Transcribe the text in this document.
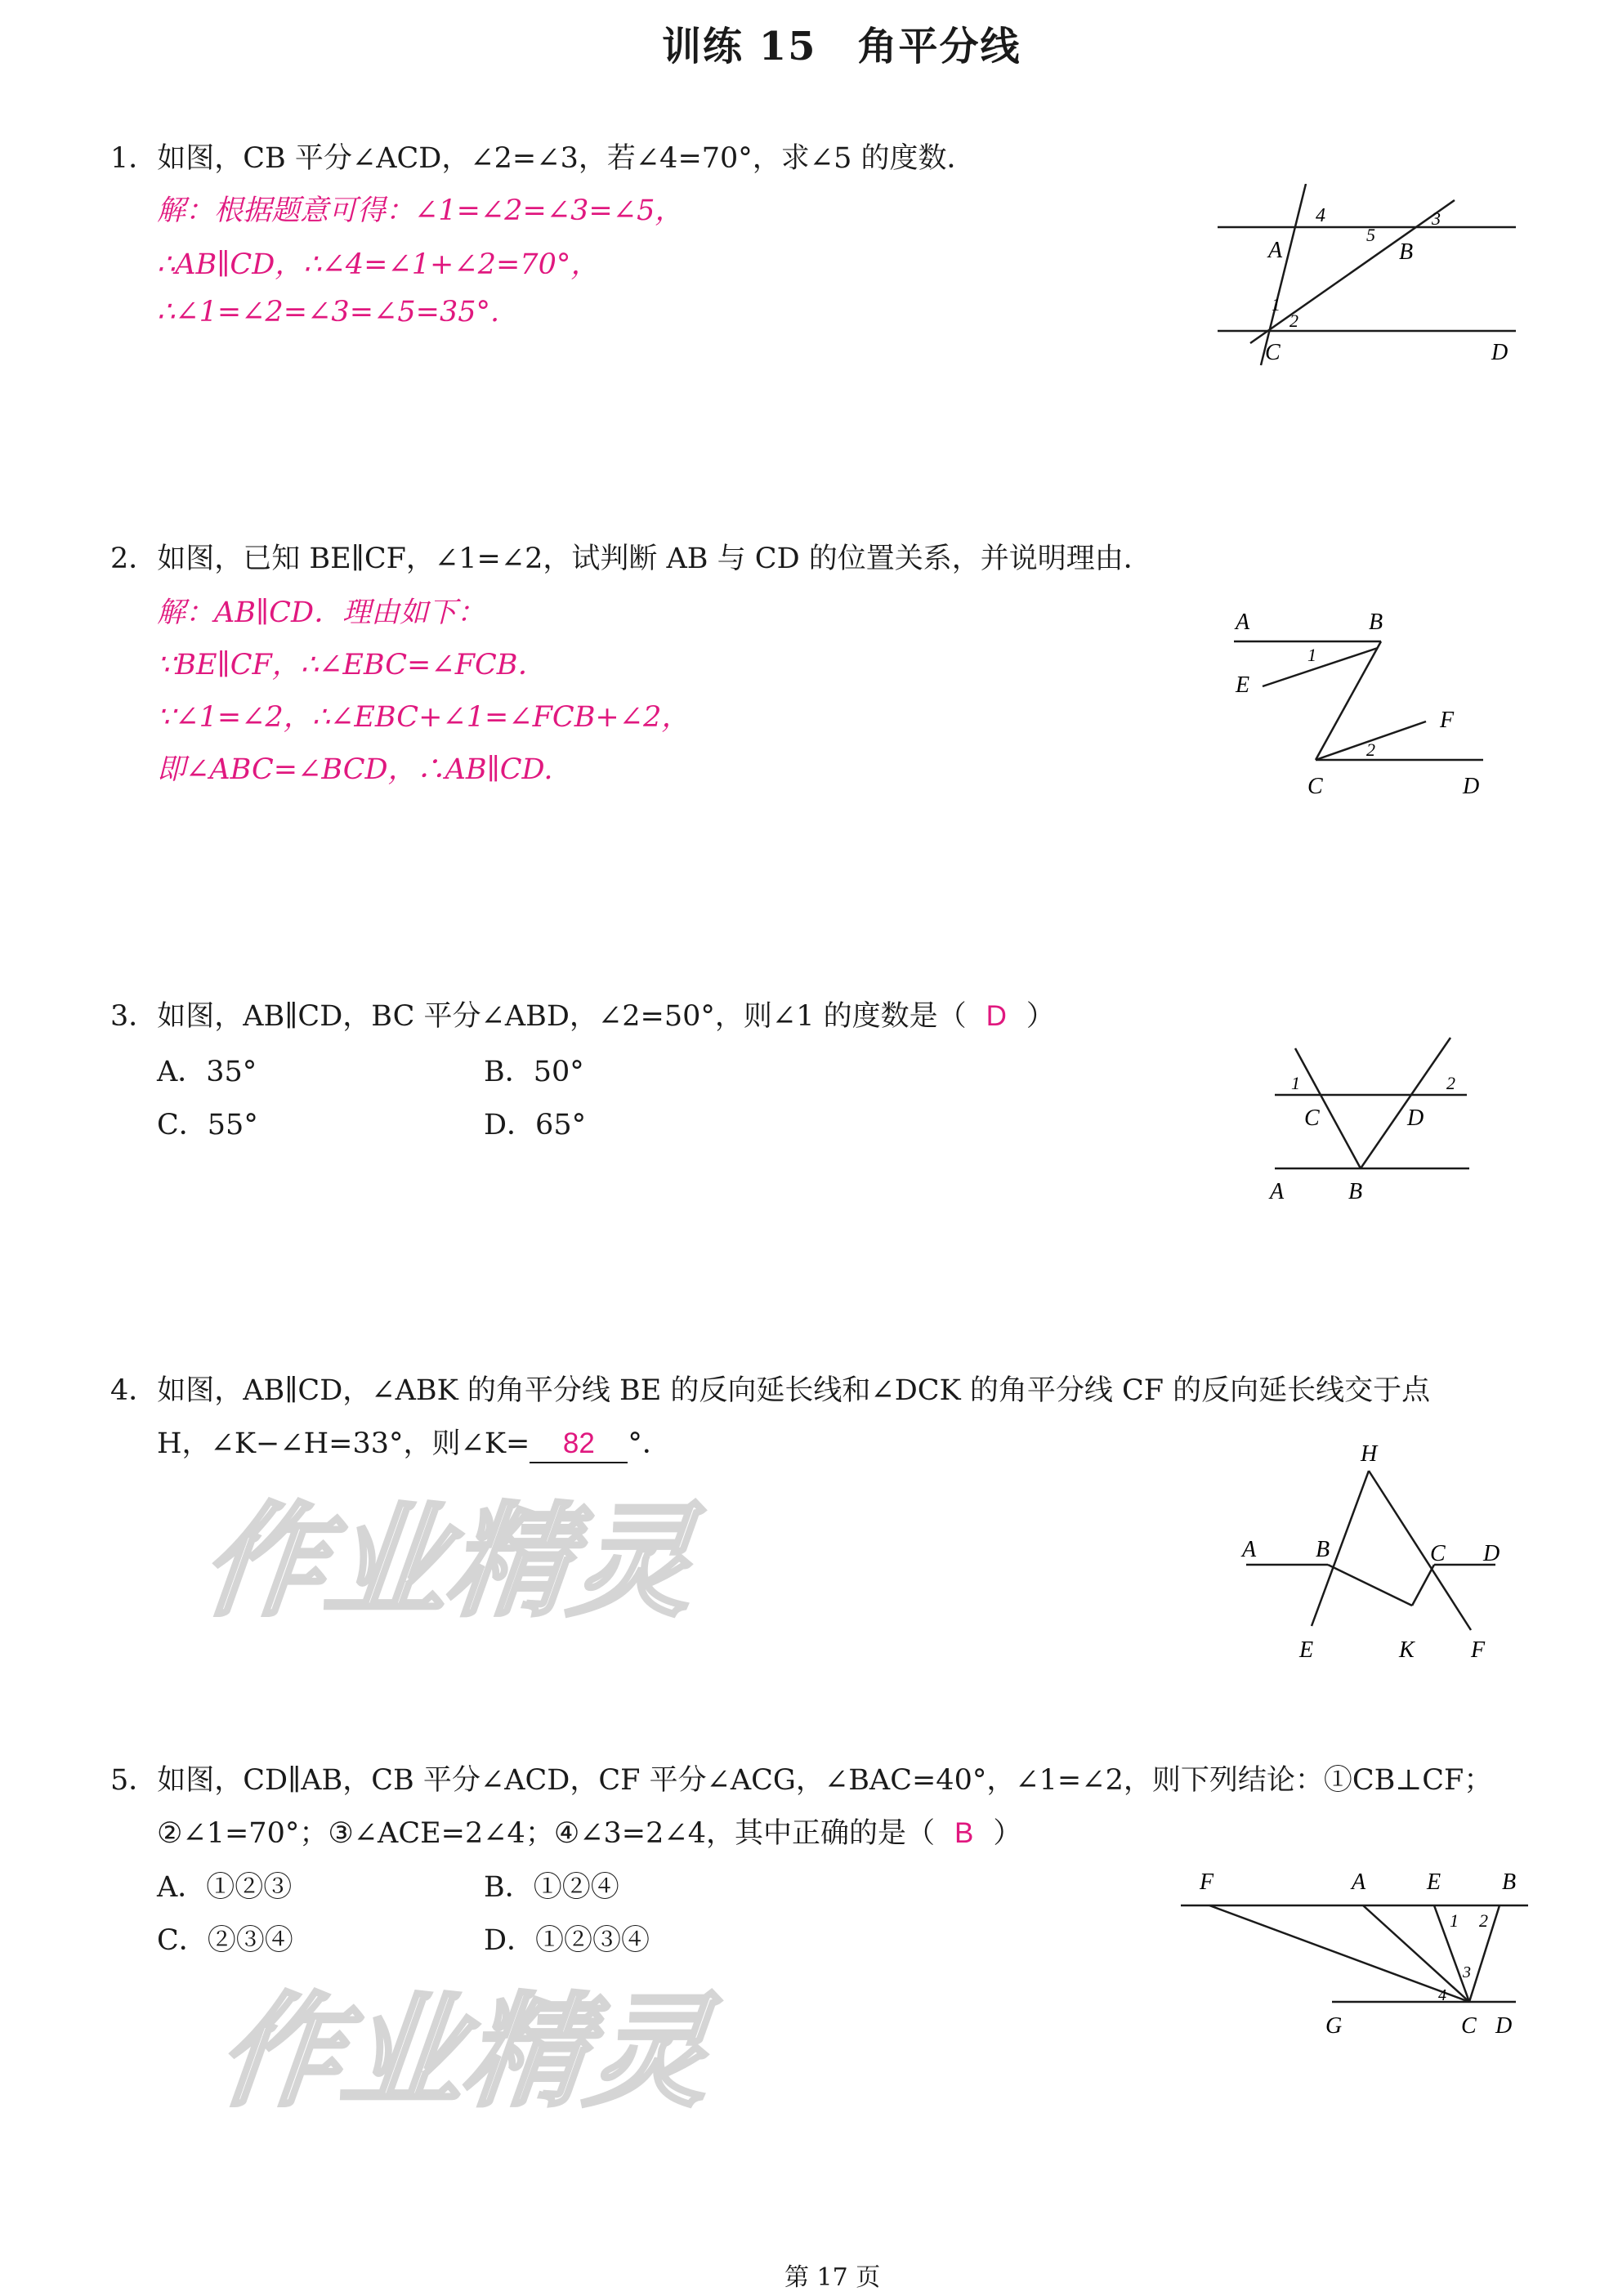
训练 15　角平分线
作业精灵
作业精灵
1．如图，CB 平分∠ACD，∠2=∠3，若∠4=70°，求∠5 的度数．
解：根据题意可得：∠1=∠2=∠3=∠5，
∴AB∥CD，∴∠4=∠1+∠2=70°，
∴∠1=∠2=∠3=∠5=35°.
4
A
5
B
3
1
2
C	D
2．如图，已知 BE∥CF，∠1=∠2，试判断 AB 与 CD 的位置关系，并说明理由．
解：AB∥CD．理由如下：
∵BE∥CF，∴∠EBC=∠FCB．
∵∠1=∠2，∴∠EBC+∠1=∠FCB+∠2，
即∠ABC=∠BCD，∴AB∥CD.
A	B
1
E
F
2
C	D
3．如图，AB∥CD，BC 平分∠ABD，∠2=50°，则∠1 的度数是（ D ）
A．35°	B．50°
C．55°	D．65°
1	2
C	D
A	B
4．如图，AB∥CD，∠ABK 的角平分线 BE 的反向延长线和∠DCK 的角平分线 CF 的反向延长线交于点
H，∠K−∠H=33°，则∠K= 82 °．	H
A	B	C D
E	K F
5．如图，CD∥AB，CB 平分∠ACD，CF 平分∠ACG，∠BAC=40°，∠1=∠2，则下列结论：①CB⊥CF；
②∠1=70°；③∠ACE=2∠4；④∠3=2∠4，其中正确的是（ B ）
A．①②③	B．①②④
C．②③④	D．①②③④
F	A	E	B
1 2
3
4
G	C D
第 17 页
